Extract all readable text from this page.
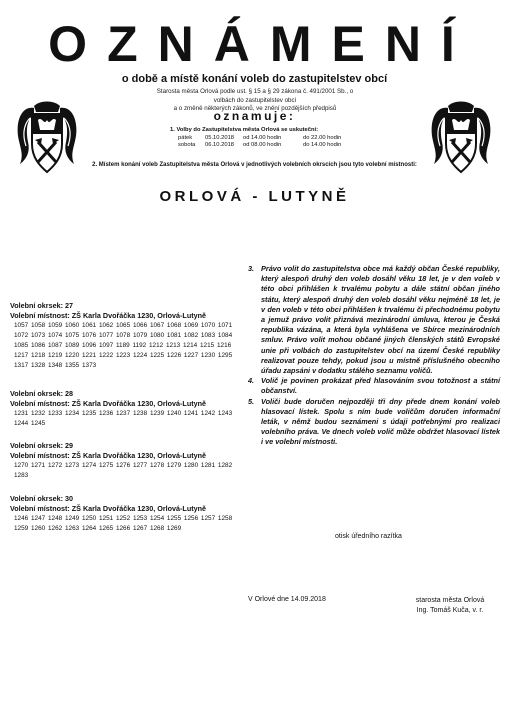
OZNÁMENÍ
o době a místě konání voleb do zastupitelstev obcí
Starosta města Orlová podle ust. § 15 a § 29 zákona č. 491/2001 Sb., o volbách do zastupitelstev obcí
a o změně některých zákonů, ve znění pozdějších předpisů
oznamuje:
1. Volby do Zastupitelstva města Orlová se uskuteční:
pátek	05.10.2018	od 14.00 hodin	do 22.00 hodin
sobota	06.10.2018	od 08.00 hodin	do 14.00 hodin
2. Místem konání voleb Zastupitelstva města Orlová v jednotlivých volebních okrscích jsou tyto volební místnosti:
ORLOVÁ - LUTYNĚ
Volební okrsek: 27
Volební místnost: ZŠ Karla Dvořáčka 1230, Orlová-Lutyně
1057 1058 1059 1060 1061 1062 1065 1066 1067 1068 1069 1070 1071 1072 1073 1074 1075 1076 1077 1078 1079 1080 1081 1082 1083 1084 1085 1086 1087 1089 1096 1097 1189 1192 1212 1213 1214 1215 1216 1217 1218 1219 1220 1221 1222 1223 1224 1225 1226 1227 1230 1295 1317 1328 1348 1355 1373
Volební okrsek: 28
Volební místnost: ZŠ Karla Dvořáčka 1230, Orlová-Lutyně
1231 1232 1233 1234 1235 1236 1237 1238 1239 1240 1241 1242 1243 1244 1245
Volební okrsek: 29
Volební místnost: ZŠ Karla Dvořáčka 1230, Orlová-Lutyně
1270 1271 1272 1273 1274 1275 1276 1277 1278 1279 1280 1281 1282 1283
Volební okrsek: 30
Volební místnost: ZŠ Karla Dvořáčka 1230, Orlová-Lutyně
1246 1247 1248 1249 1250 1251 1252 1253 1254 1255 1256 1257 1258 1259 1260 1262 1263 1264 1265 1266 1267 1268 1269
3. Právo volit do zastupitelstva obce má každý občan České republiky, který alespoň druhý den voleb dosáhl věku 18 let, je v den voleb v této obci přihlášen k trvalému pobytu a dále státní občan jiného státu, který alespoň druhý den voleb dosáhl věku nejméně 18 let, je v den voleb v této obci přihlášen k trvalému či přechodnému pobytu a jemuž právo volit přiznává mezinárodní úmluva, kterou je Česká republika vázána, a která byla vyhlášena ve Sbírce mezinárodních smluv. Právo volit mohou občané jiných členských států Evropské unie při volbách do zastupitelstev obcí na území České republiky realizovat pouze tehdy, pokud jsou u místně příslušného obecního úřadu zapsáni v dodatku stálého seznamu voličů.
4. Volič je povinen prokázat před hlasováním svou totožnost a státní občanství.
5. Voliči bude doručen nejpozději tři dny přede dnem konání voleb hlasovací lístek. Spolu s ním bude voličům doručen informační leták, v němž budou seznámeni s údaji potřebnými pro realizaci volebního práva. Ve dnech voleb volič může obdržet hlasovací lístek i ve volební místnosti.
otisk úředního razítka
V Orlové dne 14.09.2018	starosta města Orlová
Ing. Tomáš Kuča, v. r.
